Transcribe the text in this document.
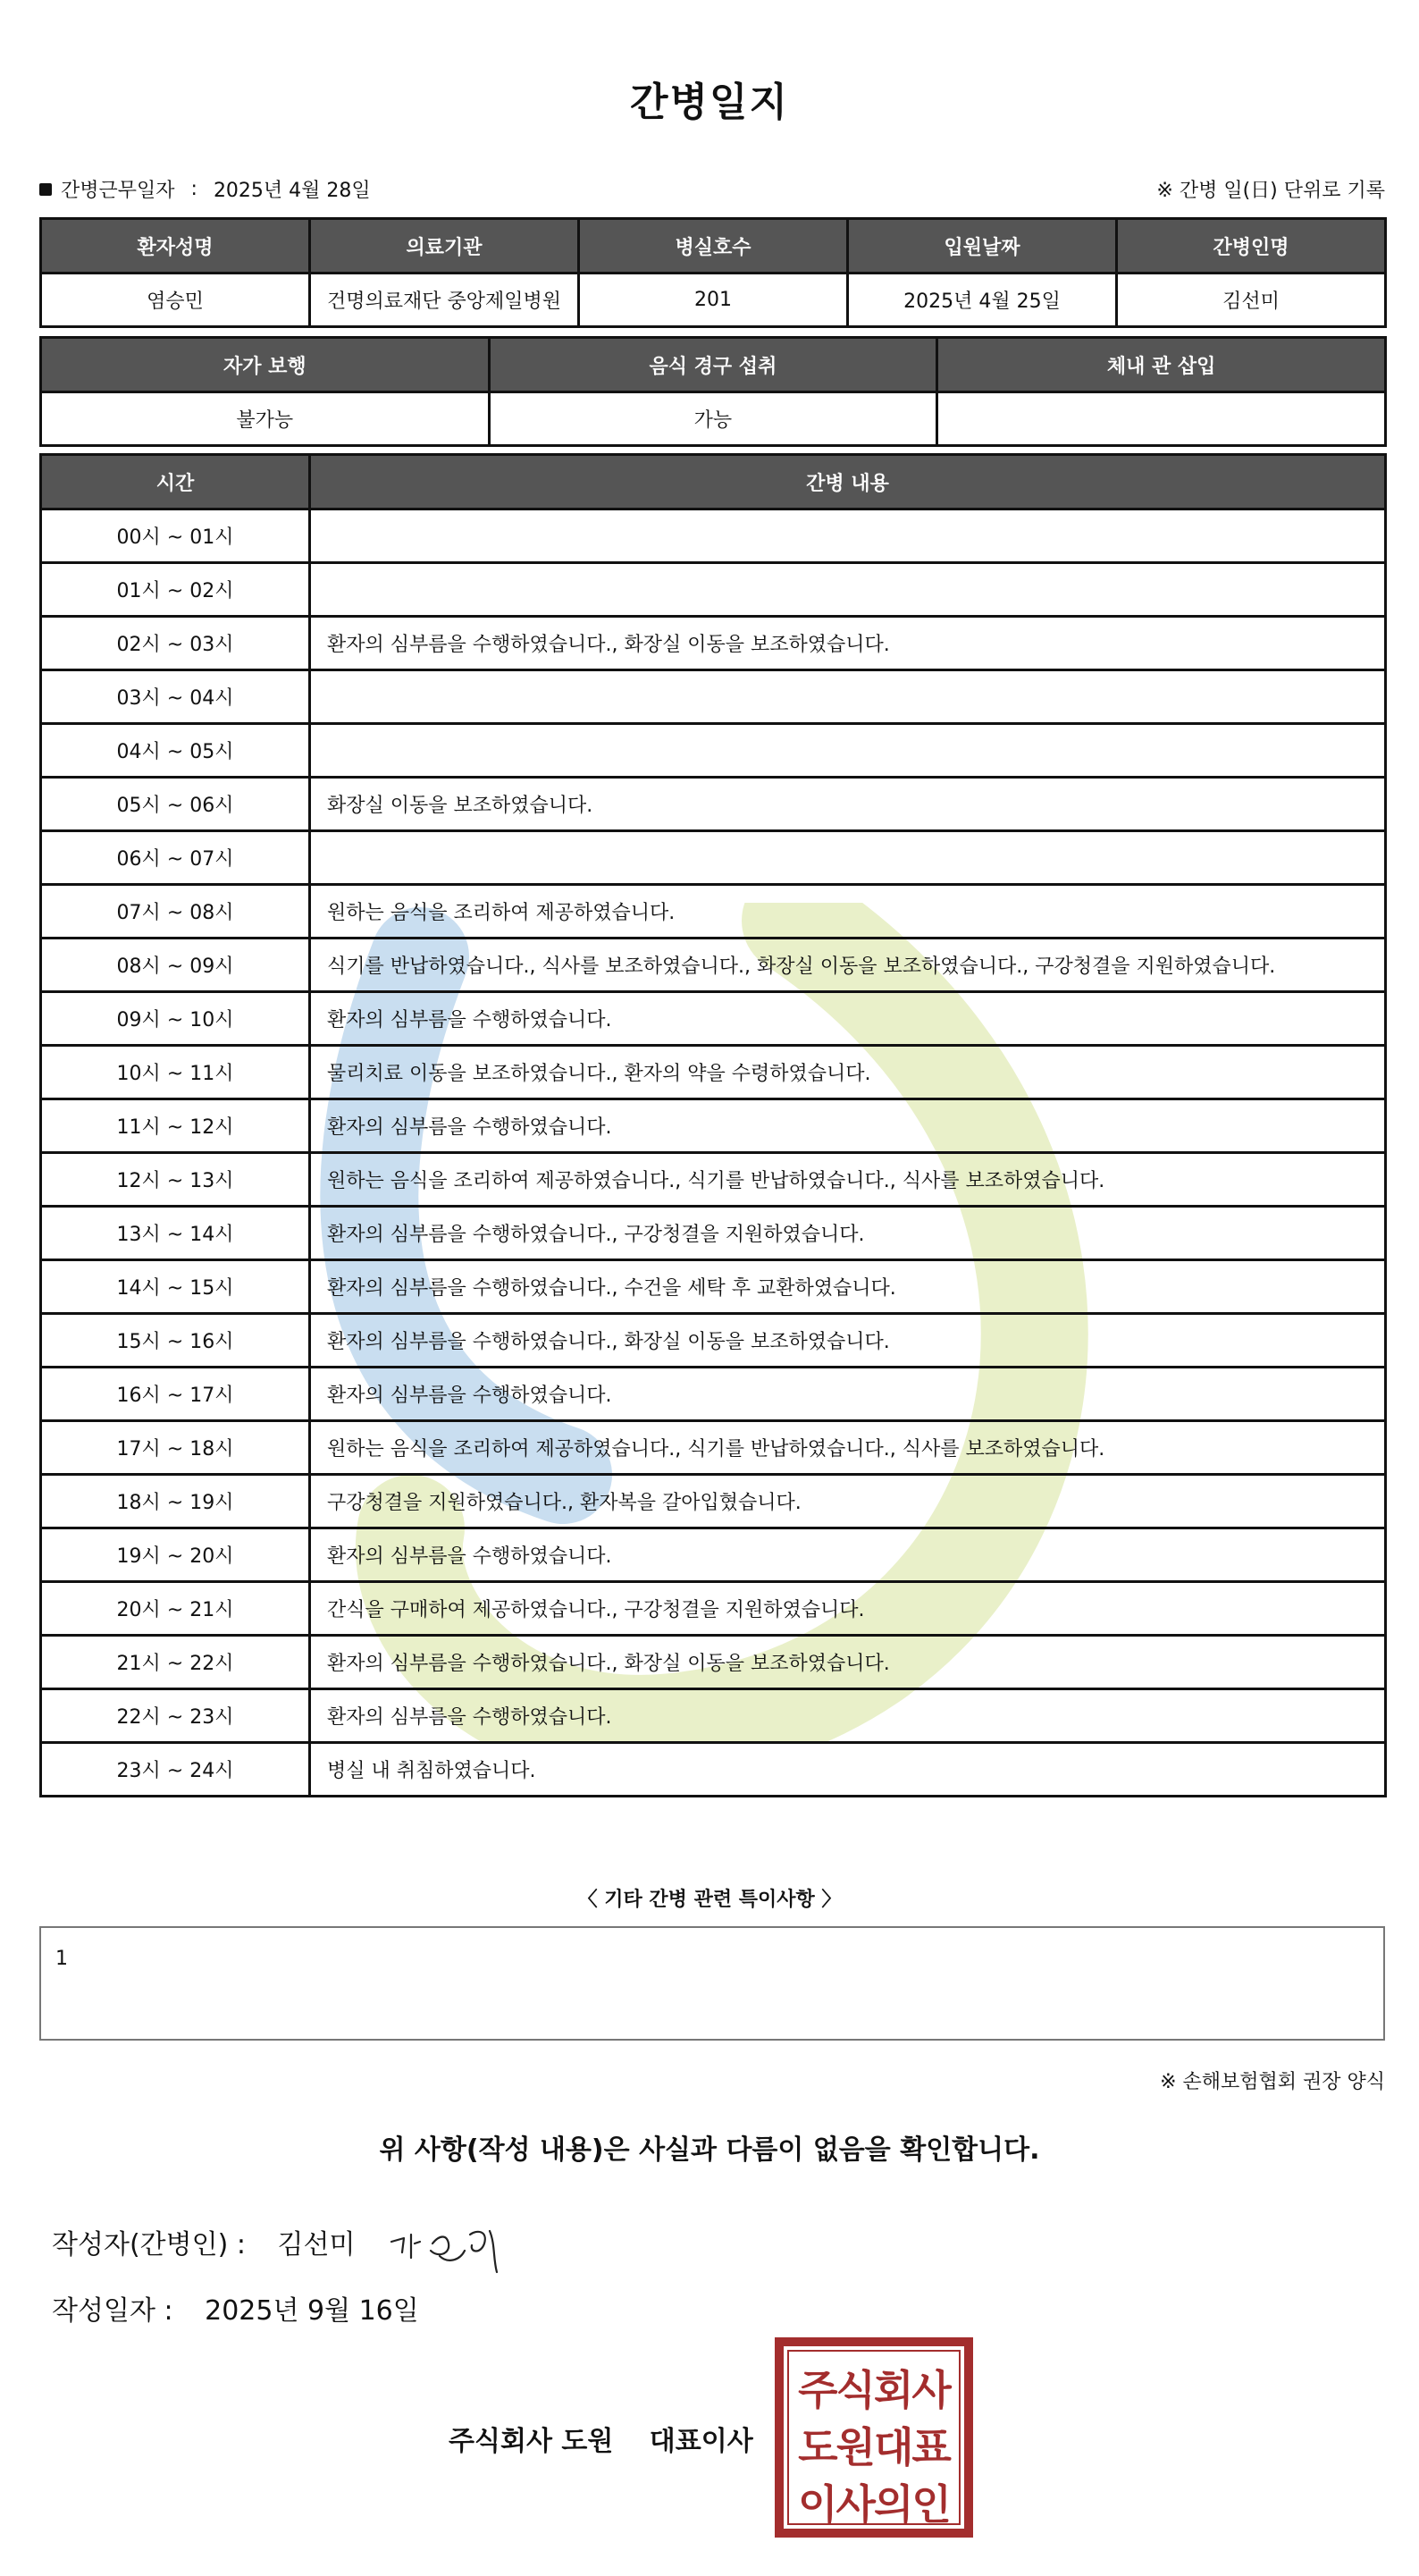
간병일지
간병근무일자 : 2025년 4월 28일	※ 간병 일(日) 단위로 기록
환자성명	의료기관	병실호수	입원날짜	간병인명
염승민	건명의료재단 중앙제일병원	201	2025년 4월 25일	김선미
자가 보행	음식 경구 섭취	체내 관 삽입
불가능	가능	
시간	간병 내용
00시 ~ 01시	
01시 ~ 02시	
02시 ~ 03시	환자의 심부름을 수행하였습니다., 화장실 이동을 보조하였습니다.
03시 ~ 04시	
04시 ~ 05시	
05시 ~ 06시	화장실 이동을 보조하였습니다.
06시 ~ 07시	
07시 ~ 08시	원하는 음식을 조리하여 제공하였습니다.
08시 ~ 09시	식기를 반납하였습니다., 식사를 보조하였습니다., 화장실 이동을 보조하였습니다., 구강청결을 지원하였습니다.
09시 ~ 10시	환자의 심부름을 수행하였습니다.
10시 ~ 11시	물리치료 이동을 보조하였습니다., 환자의 약을 수령하였습니다.
11시 ~ 12시	환자의 심부름을 수행하였습니다.
12시 ~ 13시	원하는 음식을 조리하여 제공하였습니다., 식기를 반납하였습니다., 식사를 보조하였습니다.
13시 ~ 14시	환자의 심부름을 수행하였습니다., 구강청결을 지원하였습니다.
14시 ~ 15시	환자의 심부름을 수행하였습니다., 수건을 세탁 후 교환하였습니다.
15시 ~ 16시	환자의 심부름을 수행하였습니다., 화장실 이동을 보조하였습니다.
16시 ~ 17시	환자의 심부름을 수행하였습니다.
17시 ~ 18시	원하는 음식을 조리하여 제공하였습니다., 식기를 반납하였습니다., 식사를 보조하였습니다.
18시 ~ 19시	구강청결을 지원하였습니다., 환자복을 갈아입혔습니다.
19시 ~ 20시	환자의 심부름을 수행하였습니다.
20시 ~ 21시	간식을 구매하여 제공하였습니다., 구강청결을 지원하였습니다.
21시 ~ 22시	환자의 심부름을 수행하였습니다., 화장실 이동을 보조하였습니다.
22시 ~ 23시	환자의 심부름을 수행하였습니다.
23시 ~ 24시	병실 내 취침하였습니다.
〈 기타 간병 관련 특이사항 〉
1
※ 손해보험협회 권장 양식
위 사항(작성 내용)은 사실과 다름이 없음을 확인합니다.
작성자(간병인) : 김선미
작성일자 : 2025년 9월 16일
주식회사 도원 대표이사
주식회사
도원대표
이사의인
